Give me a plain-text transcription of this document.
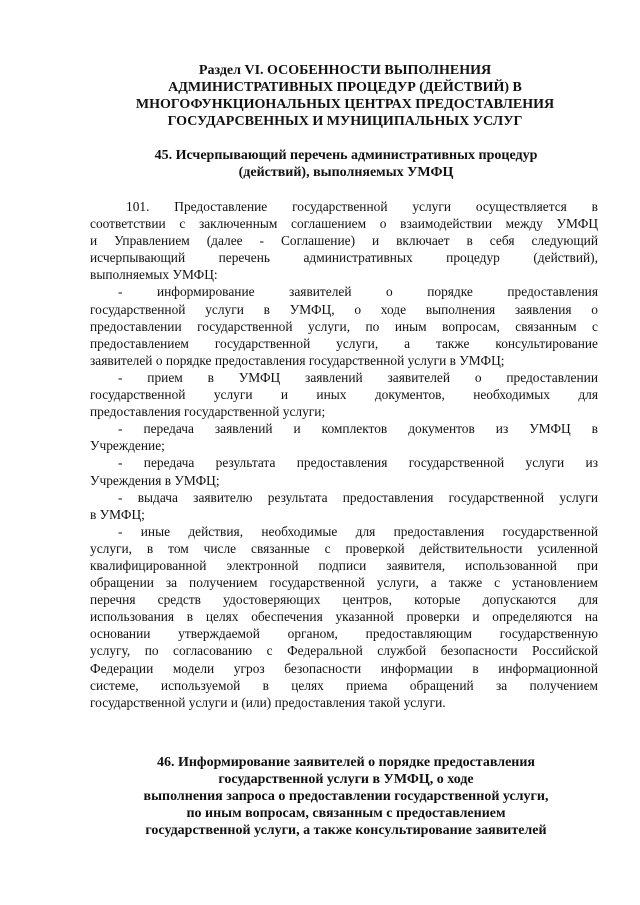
Раздел VI. ОСОБЕННОСТИ ВЫПОЛНЕНИЯ
АДМИНИСТРАТИВНЫХ ПРОЦЕДУР (ДЕЙСТВИЙ) В
МНОГОФУНКЦИОНАЛЬНЫХ ЦЕНТРАХ ПРЕДОСТАВЛЕНИЯ
ГОСУДАРСВЕННЫХ И МУНИЦИПАЛЬНЫХ УСЛУГ
45. Исчерпывающий перечень административных процедур
(действий), выполняемых УМФЦ
101. Предоставление государственной услуги осуществляется в
соответствии с заключенным соглашением о взаимодействии между УМФЦ
и Управлением (далее - Соглашение) и включает в себя следующий
исчерпывающий перечень административных процедур (действий),
выполняемых УМФЦ:
- информирование заявителей о порядке предоставления
государственной услуги в УМФЦ, о ходе выполнения заявления о
предоставлении государственной услуги, по иным вопросам, связанным с
предоставлением государственной услуги, а также консультирование
заявителей о порядке предоставления государственной услуги в УМФЦ;
- прием в УМФЦ заявлений заявителей о предоставлении
государственной услуги и иных документов, необходимых для
предоставления государственной услуги;
- передача заявлений и комплектов документов из УМФЦ в
Учреждение;
- передача результата предоставления государственной услуги из
Учреждения в УМФЦ;
- выдача заявителю результата предоставления государственной услуги
в УМФЦ;
- иные действия, необходимые для предоставления государственной
услуги, в том числе связанные с проверкой действительности усиленной
квалифицированной электронной подписи заявителя, использованной при
обращении за получением государственной услуги, а также с установлением
перечня средств удостоверяющих центров, которые допускаются для
использования в целях обеспечения указанной проверки и определяются на
основании утверждаемой органом, предоставляющим государственную
услугу, по согласованию с Федеральной службой безопасности Российской
Федерации модели угроз безопасности информации в информационной
системе, используемой в целях приема обращений за получением
государственной услуги и (или) предоставления такой услуги.
46. Информирование заявителей о порядке предоставления
государственной услуги в УМФЦ, о ходе
выполнения запроса о предоставлении государственной услуги,
по иным вопросам, связанным с предоставлением
государственной услуги, а также консультирование заявителей
